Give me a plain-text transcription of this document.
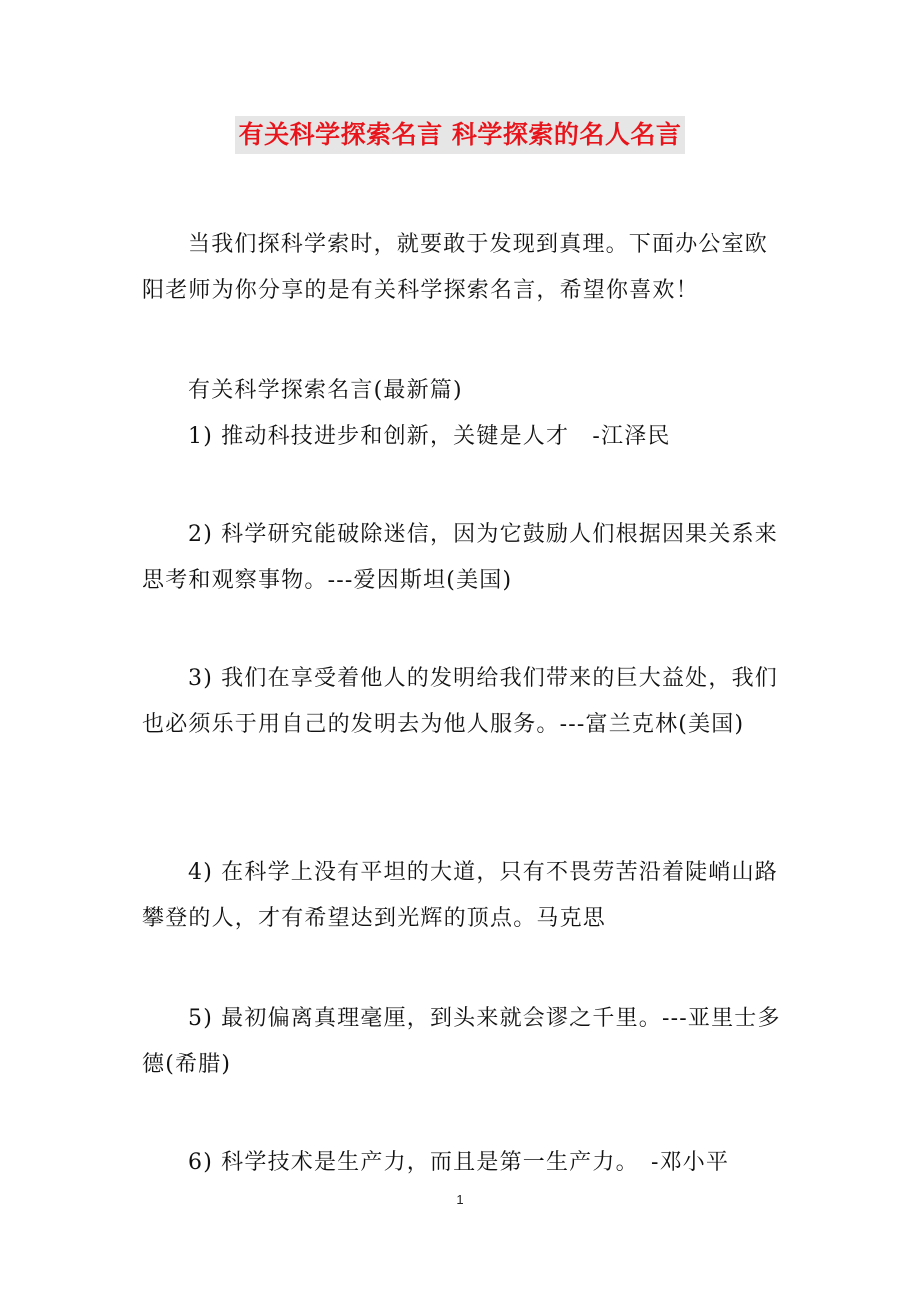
有关科学探索名言 科学探索的名人名言

当我们探科学索时，就要敢于发现到真理。下面办公室欧阳老师为你分享的是有关科学探索名言，希望你喜欢！

有关科学探索名言(最新篇)

1) 推动科技进步和创新，关键是人才　-江泽民

2) 科学研究能破除迷信，因为它鼓励人们根据因果关系来思考和观察事物。---爱因斯坦(美国)

3) 我们在享受着他人的发明给我们带来的巨大益处，我们也必须乐于用自己的发明去为他人服务。---富兰克林(美国)

4) 在科学上没有平坦的大道，只有不畏劳苦沿着陡峭山路攀登的人，才有希望达到光辉的顶点。马克思

5) 最初偏离真理毫厘，到头来就会谬之千里。---亚里士多德(希腊)

6) 科学技术是生产力，而且是第一生产力。　-邓小平

1
